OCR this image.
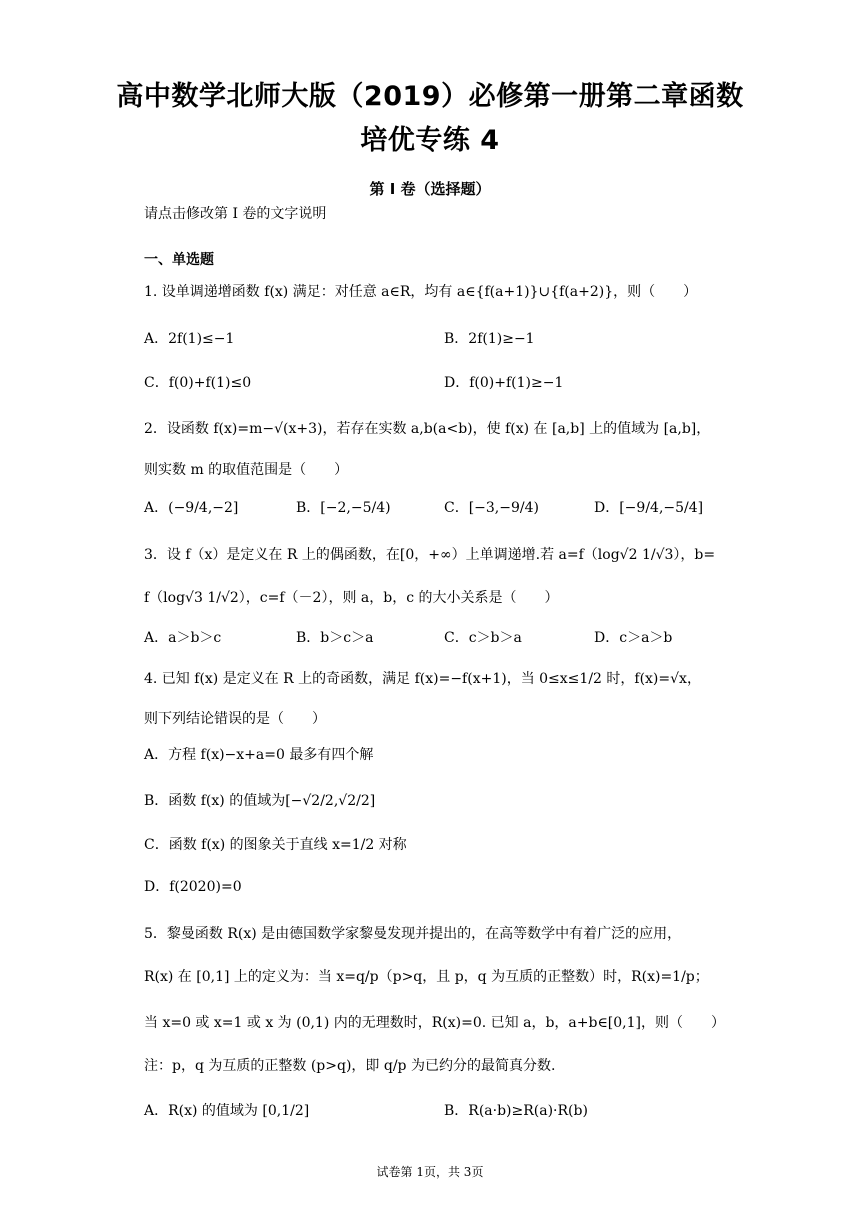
高中数学北师大版（2019）必修第一册第二章函数
培优专练 4
第 I 卷（选择题）
请点击修改第 I 卷的文字说明
一、单选题
1. 设单调递增函数 f(x) 满足：对任意 a∈R，均有 a∈{f(a+1)}∪{f(a+2)}，则（　　）
A．2f(1)≤−1	B．2f(1)≥−1
C．f(0)+f(1)≤0	D．f(0)+f(1)≥−1
2．设函数 f(x)=m−√(x+3)，若存在实数 a,b(a<b)，使 f(x) 在 [a,b] 上的值域为 [a,b]，
则实数 m 的取值范围是（　　）
A．(−9/4,−2]	B．[−2,−5/4)	C．[−3,−9/4)	D．[−9/4,−5/4]
3．设 f（x）是定义在 R 上的偶函数，在[0，+∞）上单调递增.若 a=f（log√2 1/√3），b=
f（log√3 1/√2），c=f（－2），则 a，b，c 的大小关系是（　　）
A．a＞b＞c	B．b＞c＞a	C．c＞b＞a	D．c＞a＞b
4. 已知 f(x) 是定义在 R 上的奇函数，满足 f(x)=−f(x+1)，当 0≤x≤1/2 时，f(x)=√x，
则下列结论错误的是（　　）
A．方程 f(x)−x+a=0 最多有四个解
B．函数 f(x) 的值域为[−√2/2,√2/2]
C．函数 f(x) 的图象关于直线 x=1/2 对称
D．f(2020)=0
5．黎曼函数 R(x) 是由德国数学家黎曼发现并提出的，在高等数学中有着广泛的应用，
R(x) 在 [0,1] 上的定义为：当 x=q/p（p>q，且 p，q 为互质的正整数）时，R(x)=1/p；
当 x=0 或 x=1 或 x 为 (0,1) 内的无理数时，R(x)=0. 已知 a，b，a+b∈[0,1]，则（　　）
注：p，q 为互质的正整数 (p>q)，即 q/p 为已约分的最简真分数.
A．R(x) 的值域为 [0,1/2]	B．R(a·b)≥R(a)·R(b)
试卷第 1页，共 3页
